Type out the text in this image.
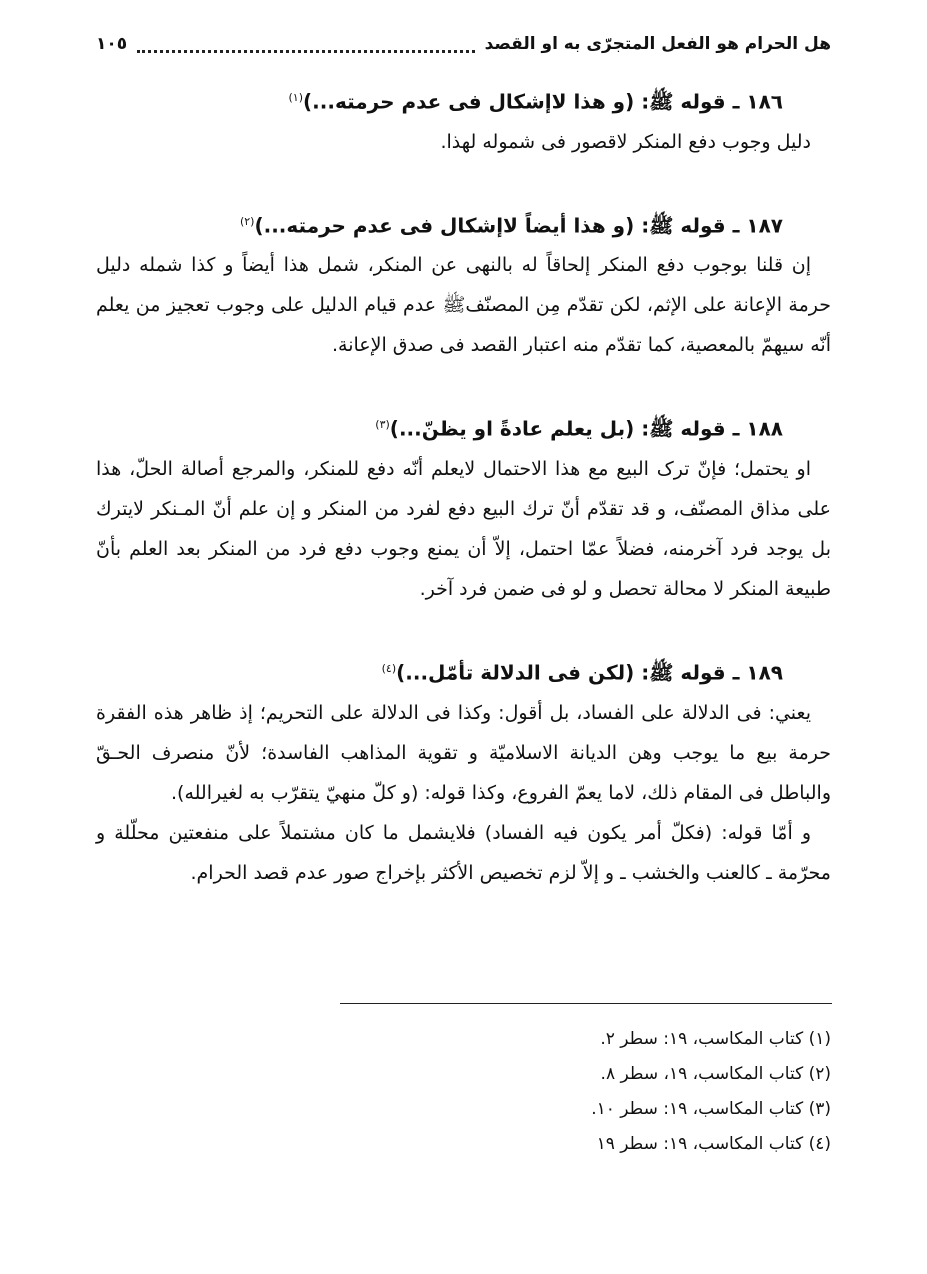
هل الحرام هو الفعل المتجرّى به او القصد
١٠٥

١٨٦ ـ قوله ﷺ: (و هذا لاإشكال فى عدم حرمته...)$^{(١)}$

دليل وجوب دفع المنكر لاقصور فى شموله لهذا.

١٨٧ ـ قوله ﷺ: (و هذا أيضاً لاإشكال فى عدم حرمته...)$^{(٢)}$

إن قلنا بوجوب دفع المنكر إلحاقاً له بالنهى عن المنكر، شمل هذا أيضاً و كذا شمله دليل حرمة الإعانة على الإثم، لكن تقدّم مِن المصنّفﷺ عدم قيام الدليل على وجوب تعجيز من يعلم أنّه سيهمّ بالمعصية، كما تقدّم منه اعتبار القصد فى صدق الإعانة.

١٨٨ ـ قوله ﷺ: (بل يعلم عادةً او يظنّ...)$^{(٣)}$

او يحتمل؛ فإنّ ترک البيع مع هذا الاحتمال لايعلم أنّه دفع للمنكر، والمرجع أصالة الحلّ، هذا على مذاق المصنّف، و قد تقدّم أنّ ترك البيع دفع لفرد من المنكر و إن علم أنّ المـنكر لايترك بل يوجد فرد آخرمنه، فضلاً عمّا احتمل، إلاّ أن يمنع وجوب دفع فرد من المنكر بعد العلم بأنّ طبيعة المنكر لا محالة تحصل و لو فى ضمن فرد آخر.

١٨٩ ـ قوله ﷺ: (لكن فى الدلالة تأمّل...)$^{(٤)}$

يعني: فى الدلالة على الفساد، بل أقول: وكذا فى الدلالة على التحريم؛ إذ ظاهر هذه الفقرة حرمة بيع ما يوجب وهن الديانة الاسلاميّة و تقوية المذاهب الفاسدة؛ لأنّ منصرف الحـقّ والباطل فى المقام ذلك، لاما يعمّ الفروع، وكذا قوله: (و كلّ منهيّ يتقرّب به لغيرالله).

و أمّا قوله: (فكلّ أمر يكون فيه الفساد) فلايشمل ما كان مشتملاً على منفعتين محلّلة و محرّمة ـ كالعنب والخشب ـ و إلاّ لزم تخصيص الأكثر بإخراج صور عدم قصد الحرام.

(١) كتاب المكاسب، ١٩: سطر ٢.

(٢) كتاب المكاسب، ١٩، سطر ٨.

(٣) كتاب المكاسب، ١٩: سطر ١٠.

(٤) كتاب المكاسب، ١٩: سطر ١٩
